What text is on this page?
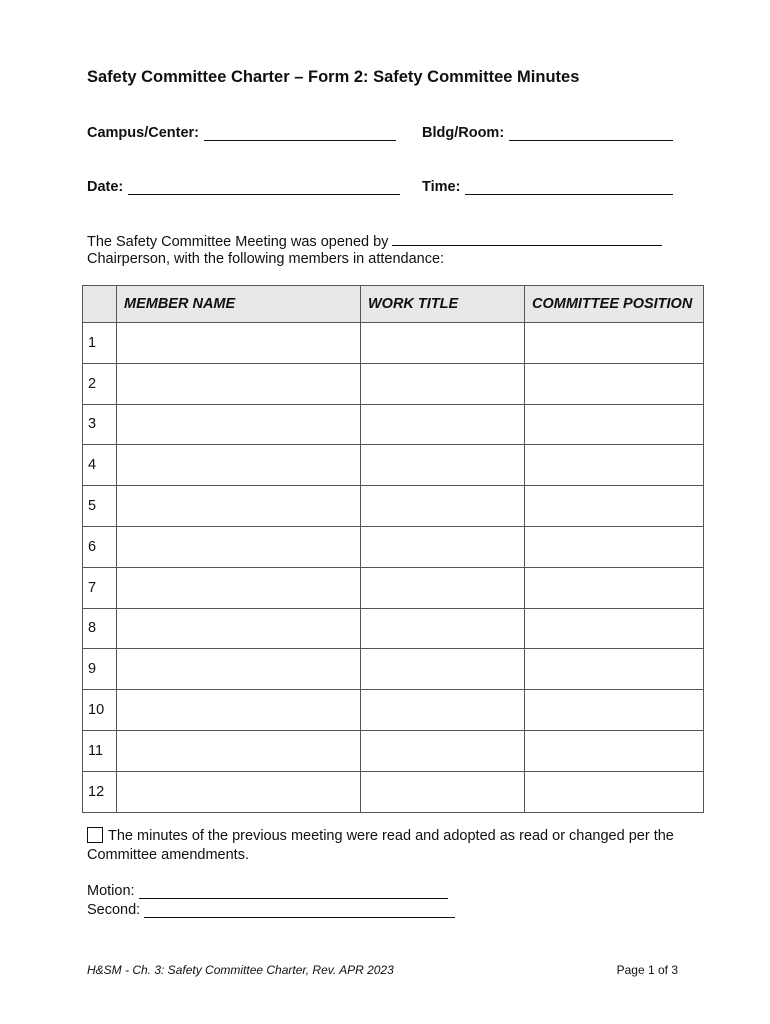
Safety Committee Charter – Form 2: Safety Committee Minutes
Campus/Center:	Bldg/Room:
Date:	Time:
The Safety Committee Meeting was opened by
Chairperson, with the following members in attendance:
	MEMBER NAME	WORK TITLE	COMMITTEE POSITION
1			
2			
3			
4			
5			
6			
7			
8			
9			
10			
11			
12			
The minutes of the previous meeting were read and adopted as read or changed per the Committee amendments.
Motion:
Second:
H&SM - Ch. 3: Safety Committee Charter, Rev. APR 2023	Page 1 of 3
